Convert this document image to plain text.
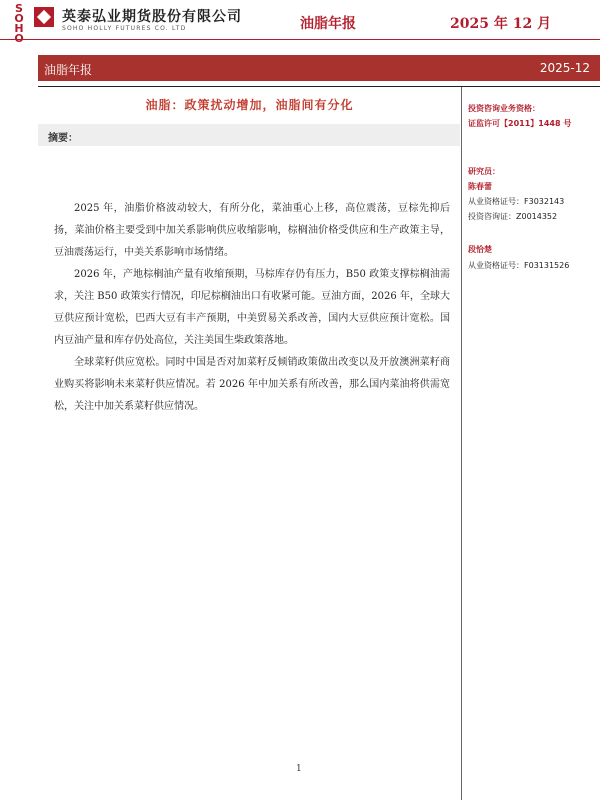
S
O
H
英泰弘业期货股份有限公司
SOHO HOLLY FUTURES CO. LTD	油脂年报	2025 年 12 月
油脂年报	2025-12
油脂：政策扰动增加，油脂间有分化
摘要：

2025 年，油脂价格波动较大，有所分化，菜油重心上移，高位震荡，豆棕先抑后扬，菜油价格主要受到中加关系影响供应收缩影响，棕榈油价格受供应和生产政策主导，豆油震荡运行，中美关系影响市场情绪。

2026 年，产地棕榈油产量有收缩预期，马棕库存仍有压力，B50 政策支撑棕榈油需求，关注 B50 政策实行情况，印尼棕榈油出口有收紧可能。豆油方面，2026 年，全球大豆供应预计宽松，巴西大豆有丰产预期，中美贸易关系改善，国内大豆供应预计宽松。国内豆油产量和库存仍处高位，关注美国生柴政策落地。

全球菜籽供应宽松。同时中国是否对加菜籽反倾销政策做出改变以及开放澳洲菜籽商业购买将影响未来菜籽供应情况。若 2026 年中加关系有所改善，那么国内菜油将供需宽松，关注中加关系菜籽供应情况。

投资咨询业务资格：
证监许可【2011】1448 号
研究员：
陈春蕾
从业资格证号：F3032143
投资咨询证：Z0014352
段恰楚
从业资格证号：F03131526
1
